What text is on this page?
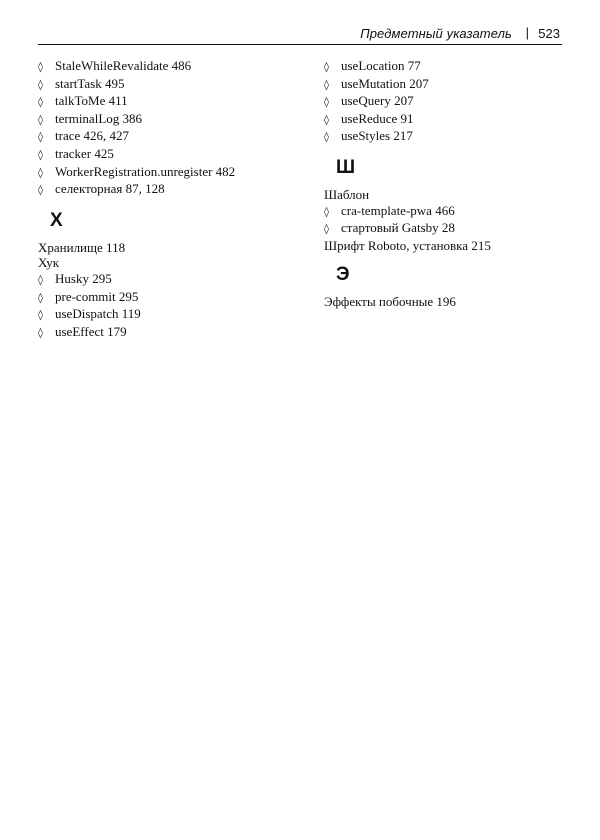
Предметный указатель | 523
◊ StaleWhileRevalidate 486
◊ startTask 495
◊ talkToMe 411
◊ terminalLog 386
◊ trace 426, 427
◊ tracker 425
◊ WorkerRegistration.unregister 482
◊ селекторная 87, 128
Х
Хранилище 118
Хук
◊ Husky 295
◊ pre-commit 295
◊ useDispatch 119
◊ useEffect 179
◊ useLocation 77
◊ useMutation 207
◊ useQuery 207
◊ useReduce 91
◊ useStyles 217
Ш
Шаблон
◊ cra-template-pwa 466
◊ стартовый Gatsby 28
Шрифт Roboto, установка 215
Э
Эффекты побочные 196
